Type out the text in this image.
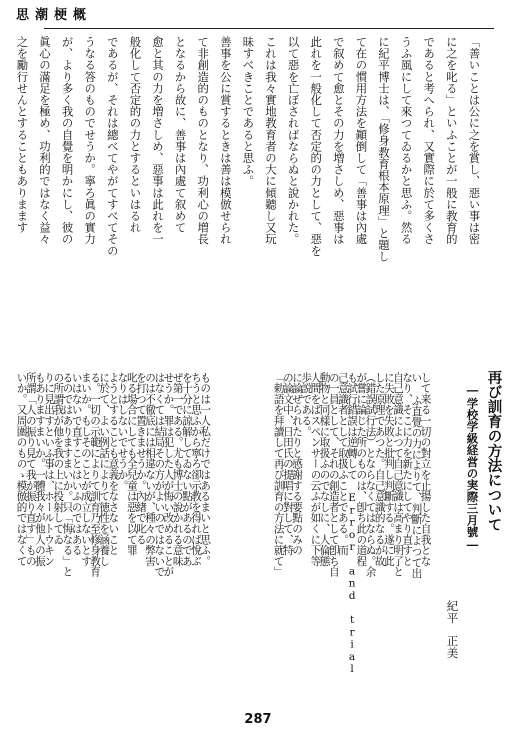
思潮梗概
之を勵行せんとすることもありまます 眞心の滿足を極め、功利的ではなく益々 が、より多く我の自覺を明かにし、彼の うなる答のものでせうか。寧ろ眞の實力 であるが、それは總べてやがてすべてその 般化して否定的の力とするといはるれ 愈と其の力を増さしめ、惡事は此れを一 となるから故に、善事は內處て叙めて て非創造的のものとなり、功利心の増長 善事を公に賞するときは善は模倣せられ 昧すべきことであると思ふ。 これは我々實地教育者の大に傾聽し又玩 以て惡を亡ぼさればならぬと說かれた。 此れを一般化して否定的の力として、惡を で叙めて愈とその力を増さしめ、惡事は て在の慣用方法を顚倒して「善事は內處 に紀平博士は、「修身教育根本原理」と題し うふ風にして來つてゐるかと思ふ。然る であると考へられ、又實際に於て多くさ に之を叱る」といふことが一般に教育的 「善いことは公に之を賞し、惡い事は密
して来る一切の對立を止揚した自我とな
い ふ直覺の力によりて、判斷によつて出
なり、そこに力を新たにしてやり直すと
自己意識によつて自己意識は高まり明了と
に失敗を失敗と批判し判斷する。遂に此
した原理であつた。自己意識的なるが故
（錯誤試行法）とならなくてはならぬ。余
が嘗に論じた所のものは、卽ち此の道程
も試行錯誤は逆轉して Error and trial
己意識者として取扱ふことである。而
の一員として、それの創造者として卽ち自
動物と同樣に取扱ふのでなしに、人倫態
人間をばスペンサーの云ふが如くに下等
歩説である。
に論ぜられたりと感謝する要點のみの
の論文中、日田氏の提唱に對して、特
「勅語を拜讀して再び訓育の方法に就て」
ものは一人私だけではあるまいと思ふ。
ちうと思ふから寧ろ卻示教を得れば悅ぶ
を十分に諒解してゐない點があるのであ
ぜ第一である。尤も博士の說かれる意味
せうか。罪は犯した人が悔い改めることが
はなくては結局その方がよいのではないで
のは不徹底には相違ないが、種々の弊害
を打つて置きませうか。內緖で叱る
叱る場合にしても全兒童は惡を以て罪
なりはしないでせうか。
ようとすることも意義をなさないこと
に於て、よい例話によりて徳性を涵養し
る。一切の示範によりて訓育乃至修身教育
まいか。もしそのことが成立しないとす
いはないで直すことはいふのではある
るのではありますまいか。只「悔なる」と
の所謂我が他を我の上に投射してゐ
りに見出すといふ事は、ホールトウキン
もありますまいか。一體我々が他人の振
所謂「人の振り見て我が振り直す」もの
いか。又周圍のものゝ模倣的ではなくて	再び訓育の方法について
―学校学級経営の実際三月號―
紀平　正美
287
